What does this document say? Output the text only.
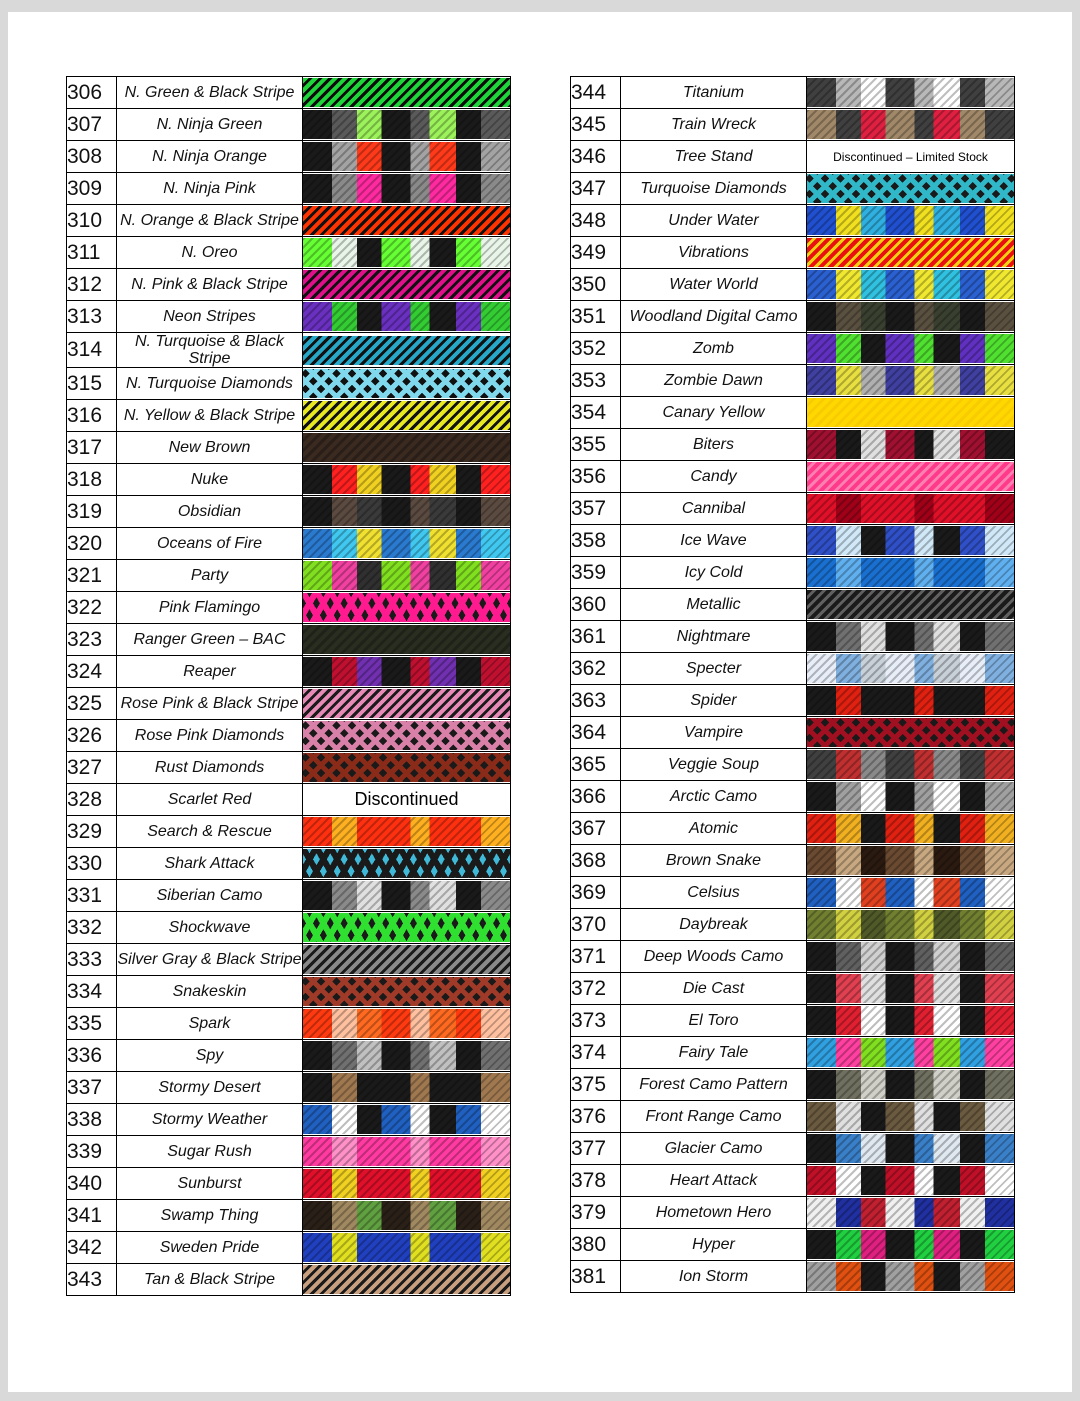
306	N. Green & Black Stripe	

307	N. Ninja Green	

308	N. Ninja Orange	

309	N. Ninja Pink	

310	N. Orange & Black Stripe	

311	N. Oreo	

312	N. Pink & Black Stripe	

313	Neon Stripes	

314	N. Turquoise & Black Stripe	

315	N. Turquoise Diamonds	

316	N. Yellow & Black Stripe	

317	New Brown	

318	Nuke	

319	Obsidian	

320	Oceans of Fire	

321	Party	

322	Pink Flamingo	

323	Ranger Green – BAC	

324	Reaper	

325	Rose Pink & Black Stripe	

326	Rose Pink Diamonds	

327	Rust Diamonds	

328	Scarlet Red	Discontinued

329	Search & Rescue	

330	Shark Attack	

331	Siberian Camo	

332	Shockwave	

333	Silver Gray & Black Stripe	

334	Snakeskin	

335	Spark	

336	Spy	

337	Stormy Desert	

338	Stormy Weather	

339	Sugar Rush	

340	Sunburst	

341	Swamp Thing	

342	Sweden Pride	

343	Tan & Black Stripe	
344	Titanium	

345	Train Wreck	

346	Tree Stand	Discontinued – Limited Stock

347	Turquoise Diamonds	

348	Under Water	

349	Vibrations	

350	Water World	

351	Woodland Digital Camo	

352	Zomb	

353	Zombie Dawn	

354	Canary Yellow	

355	Biters	

356	Candy	

357	Cannibal	

358	Ice Wave	

359	Icy Cold	

360	Metallic	

361	Nightmare	

362	Specter	

363	Spider	

364	Vampire	

365	Veggie Soup	

366	Arctic Camo	

367	Atomic	

368	Brown Snake	

369	Celsius	

370	Daybreak	

371	Deep Woods Camo	

372	Die Cast	

373	El Toro	

374	Fairy Tale	

375	Forest Camo Pattern	

376	Front Range Camo	

377	Glacier Camo	

378	Heart Attack	

379	Hometown Hero	

380	Hyper	

381	Ion Storm	
